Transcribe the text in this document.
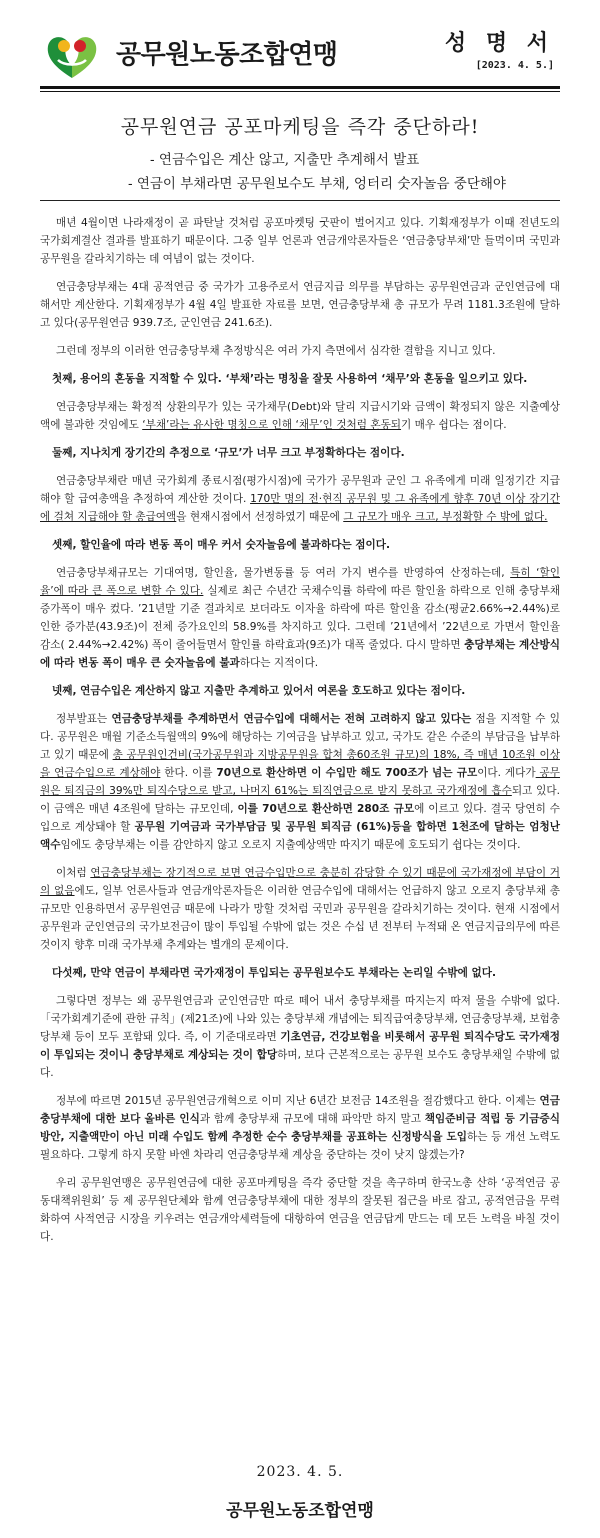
공무원노동조합연맹	성 명 서
[2023. 4. 5.]
공무원연금 공포마케팅을 즉각 중단하라!
- 연금수입은 계산 않고, 지출만 추계해서 발표
- 연금이 부채라면 공무원보수도 부채, 엉터리 숫자놀음 중단해야

매년 4월이면 나라재정이 곧 파탄날 것처럼 공포마켓팅 굿판이 벌어지고 있다. 기획재정부가 이때 전년도의 국가회계결산 결과를 발표하기 때문이다. 그중 일부 언론과 연금개악론자들은 ‘연금충당부채’만 들먹이며 국민과 공무원을 갈라치기하는 데 여념이 없는 것이다.

연금충당부채는 4대 공적연금 중 국가가 고용주로서 연금지급 의무를 부담하는 공무원연금과 군인연금에 대해서만 계산한다. 기획재정부가 4월 4일 발표한 자료를 보면, 연금충당부채 총 규모가 무려 1181.3조원에 달하고 있다(공무원연금 939.7조, 군인연금 241.6조).

그런데 정부의 이러한 연금충당부채 추정방식은 여러 가지 측면에서 심각한 결함을 지니고 있다.

첫째, 용어의 혼동을 지적할 수 있다. ‘부채’라는 명칭을 잘못 사용하여 ‘채무’와 혼동을 일으키고 있다.

연금충당부채는 확정적 상환의무가 있는 국가채무(Debt)와 달리 지급시기와 금액이 확정되지 않은 지출예상액에 불과한 것임에도 ‘부채’라는 유사한 명칭으로 인해 ‘채무’인 것처럼 혼동되기 매우 쉽다는 점이다.

둘째, 지나치게 장기간의 추정으로 ‘규모’가 너무 크고 부정확하다는 점이다.

연금충당부채란 매년 국가회계 종료시점(평가시점)에 국가가 공무원과 군인 그 유족에게 미래 일정기간 지급해야 할 급여총액을 추정하여 계산한 것이다. 170만 명의 전·현직 공무원 및 그 유족에게 향후 70년 이상 장기간에 걸쳐 지급해야 할 총급여액을 현재시점에서 선정하였기 때문에 그 규모가 매우 크고, 부정확할 수 밖에 없다.

셋째, 할인율에 따라 변동 폭이 매우 커서 숫자놀음에 불과하다는 점이다.

연금충당부채규모는 기대여명, 할인율, 물가변동률 등 여러 가지 변수를 반영하여 산정하는데, 특히 ‘할인율’에 따라 큰 폭으로 변할 수 있다. 실제로 최근 수년간 국채수익률 하락에 따른 할인율 하락으로 인해 충당부채 증가폭이 매우 컸다. ’21년말 기준 결과치로 보더라도 이자율 하락에 따른 할인율 감소(평균2.66%→2.44%)로 인한 증가분(43.9조)이 전체 증가요인의 58.9%를 차지하고 있다. 그런데 ’21년에서 ’22년으로 가면서 할인율 감소( 2.44%→2.42%) 폭이 줄어들면서 할인률 하락효과(9조)가 대폭 줄었다. 다시 말하면 충당부채는 계산방식에 따라 변동 폭이 매우 큰 숫자놀음에 불과하다는 지적이다.

넷째, 연금수입은 계산하지 않고 지출만 추계하고 있어서 여론을 호도하고 있다는 점이다.

정부발표는 연금충당부채를 추계하면서 연금수입에 대해서는 전혀 고려하지 않고 있다는 점을 지적할 수 있다. 공무원은 매월 기준소득월액의 9%에 해당하는 기여금을 납부하고 있고, 국가도 같은 수준의 부담금을 납부하고 있기 때문에 총 공무원인건비(국가공무원과 지방공무원을 합쳐 총60조원 규모)의 18%, 즉 매년 10조원 이상을 연금수입으로 계상해야 한다. 이를 70년으로 환산하면 이 수입만 해도 700조가 넘는 규모이다. 게다가 공무원은 퇴직금의 39%만 퇴직수당으로 받고, 나머지 61%는 퇴직연금으로 받지 못하고 국가재정에 흡수되고 있다. 이 금액은 매년 4조원에 달하는 규모인데, 이를 70년으로 환산하면 280조 규모에 이르고 있다. 결국 당연히 수입으로 계상돼야 할 공무원 기여금과 국가부담금 및 공무원 퇴직금 (61%)등을 합하면 1천조에 달하는 엄청난 액수임에도 충당부채는 이를 감안하지 않고 오로지 지출예상액만 따지기 때문에 호도되기 쉽다는 것이다.

이처럼 연금충당부채는 장기적으로 보면 연금수입만으로 충분히 감당할 수 있기 때문에 국가재정에 부담이 거의 없음에도, 일부 언론사들과 연금개악론자들은 이러한 연금수입에 대해서는 언급하지 않고 오로지 충당부채 총규모만 인용하면서 공무원연금 때문에 나라가 망할 것처럼 국민과 공무원을 갈라치기하는 것이다. 현재 시점에서 공무원과 군인연금의 국가보전금이 많이 투입될 수밖에 없는 것은 수십 년 전부터 누적돼 온 연금지급의무에 따른 것이지 향후 미래 국가부채 추계와는 별개의 문제이다.

다섯째, 만약 연금이 부채라면 국가재정이 투입되는 공무원보수도 부채라는 논리일 수밖에 없다.

그렇다면 정부는 왜 공무원연금과 군인연금만 따로 떼어 내서 충당부채를 따지는지 따져 물을 수밖에 없다. 「국가회계기준에 관한 규칙」(제21조)에 나와 있는 충당부채 개념에는 퇴직급여충당부채, 연금충당부채, 보험충당부채 등이 모두 포함돼 있다. 즉, 이 기준대로라면 기초연금, 건강보험을 비롯해서 공무원 퇴직수당도 국가재정이 투입되는 것이니 충당부채로 계상되는 것이 합당하며, 보다 근본적으로는 공무원 보수도 충당부채일 수밖에 없다.

정부에 따르면 2015년 공무원연금개혁으로 이미 지난 6년간 보전금 14조원을 절감했다고 한다. 이제는 연금충당부채에 대한 보다 올바른 인식과 함께 충당부채 규모에 대해 파악만 하지 말고 책임준비금 적립 등 기금증식방안, 지출액만이 아닌 미래 수입도 함께 추정한 순수 충당부채를 공표하는 신정방식을 도입하는 등 개선 노력도 필요하다. 그렇게 하지 못할 바엔 차라리 연금충당부채 계상을 중단하는 것이 낫지 않겠는가?

우리 공무원연맹은 공무원연금에 대한 공포마케팅을 즉각 중단할 것을 촉구하며 한국노총 산하 ‘공적연금 공동대책위원회’ 등 제 공무원단체와 함께 연금충당부채에 대한 정부의 잘못된 접근을 바로 잡고, 공적연금을 무력화하여 사적연금 시장을 키우려는 연금개악세력들에 대항하여 연금을 연금답게 만드는 데 모든 노력을 바칠 것이다.

2023. 4. 5.
공무원노동조합연맹
